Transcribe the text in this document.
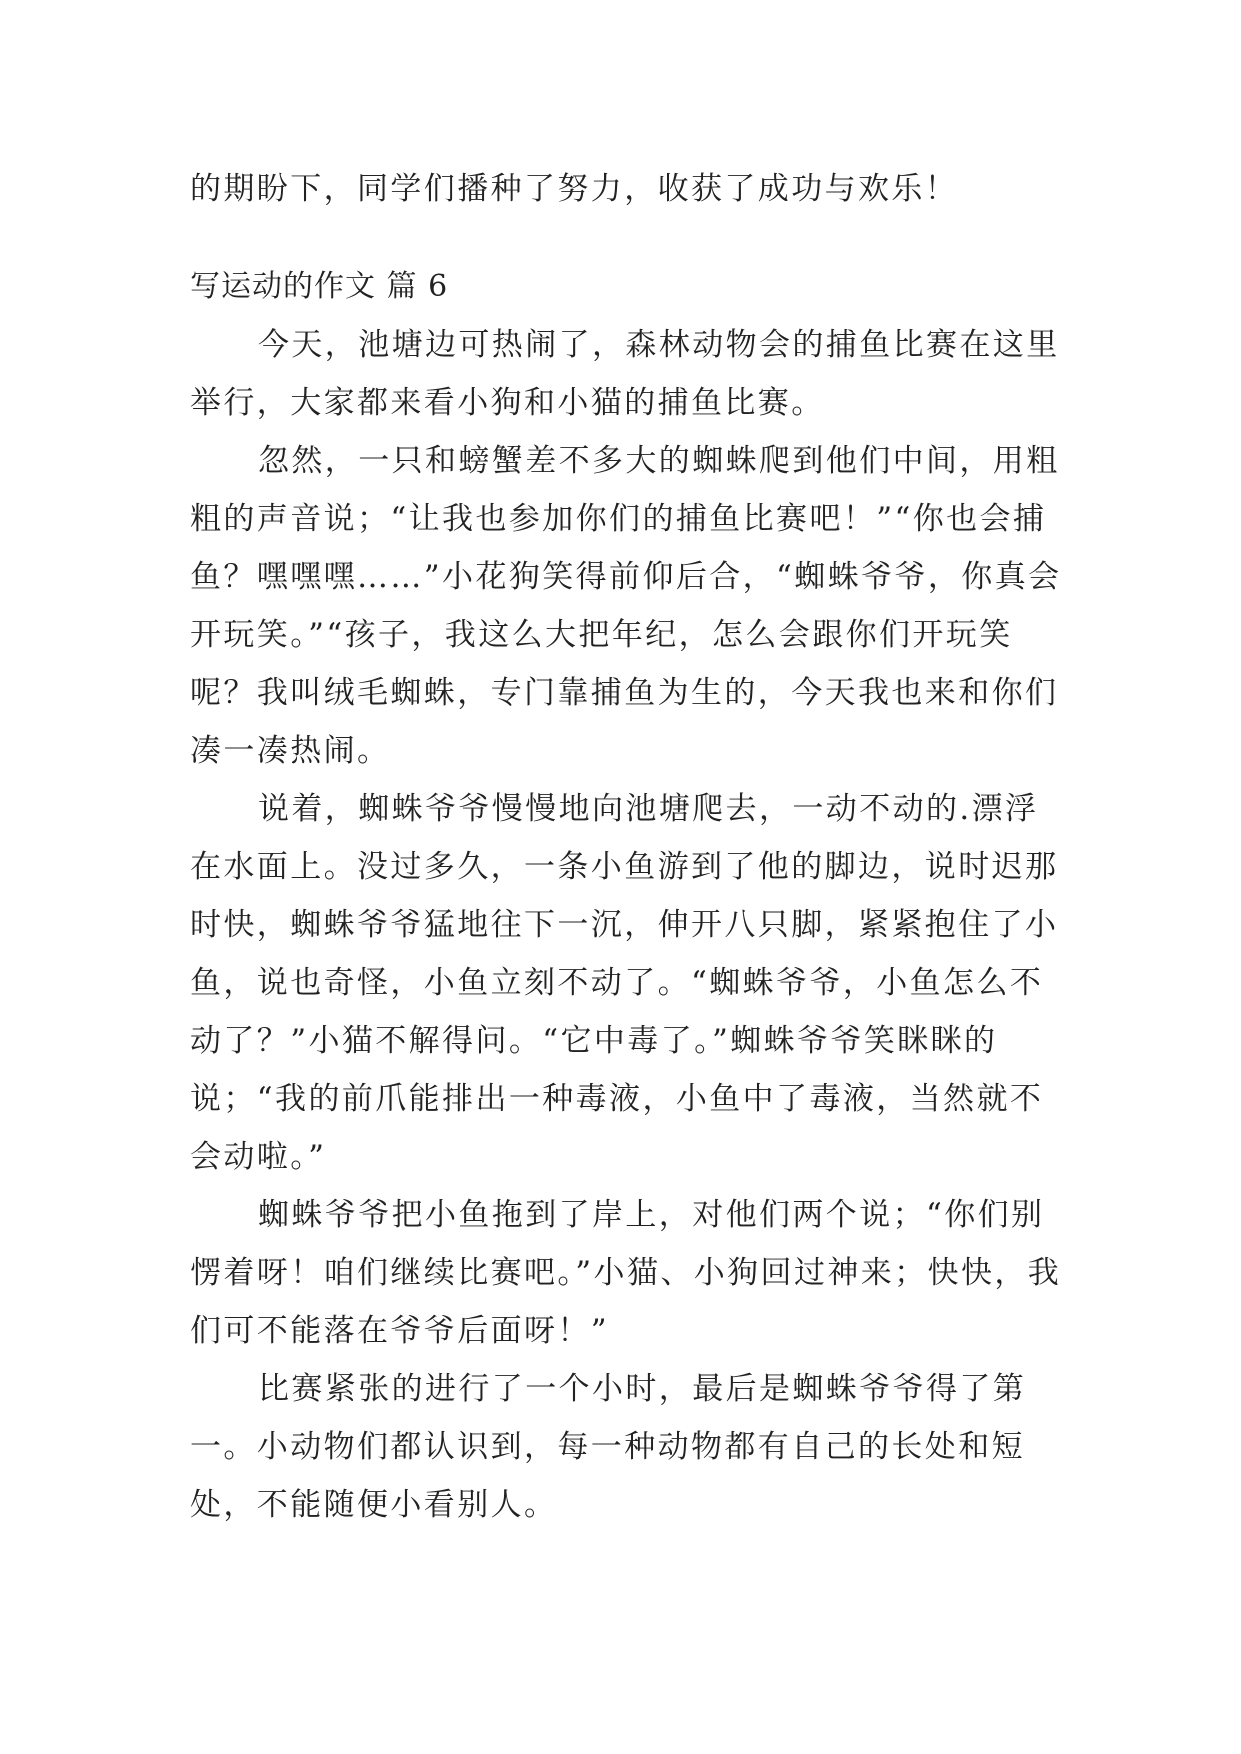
的期盼下，同学们播种了努力，收获了成功与欢乐！

写运动的作文 篇 6

今天，池塘边可热闹了，森林动物会的捕鱼比赛在这里举行，大家都来看小狗和小猫的捕鱼比赛。

忽然，一只和螃蟹差不多大的蜘蛛爬到他们中间，用粗粗的声音说；“让我也参加你们的捕鱼比赛吧！”“你也会捕鱼？嘿嘿嘿……”小花狗笑得前仰后合，“蜘蛛爷爷，你真会开玩笑。”“孩子，我这么大把年纪，怎么会跟你们开玩笑呢？我叫绒毛蜘蛛，专门靠捕鱼为生的，今天我也来和你们凑一凑热闹。

说着，蜘蛛爷爷慢慢地向池塘爬去，一动不动的.漂浮在水面上。没过多久，一条小鱼游到了他的脚边，说时迟那时快，蜘蛛爷爷猛地往下一沉，伸开八只脚，紧紧抱住了小鱼，说也奇怪，小鱼立刻不动了。“蜘蛛爷爷，小鱼怎么不动了？”小猫不解得问。“它中毒了。”蜘蛛爷爷笑眯眯的说；“我的前爪能排出一种毒液，小鱼中了毒液，当然就不会动啦。”

蜘蛛爷爷把小鱼拖到了岸上，对他们两个说；“你们别愣着呀！咱们继续比赛吧。”小猫、小狗回过神来；快快，我们可不能落在爷爷后面呀！”

比赛紧张的进行了一个小时，最后是蜘蛛爷爷得了第一。小动物们都认识到，每一种动物都有自己的长处和短处，不能随便小看别人。
